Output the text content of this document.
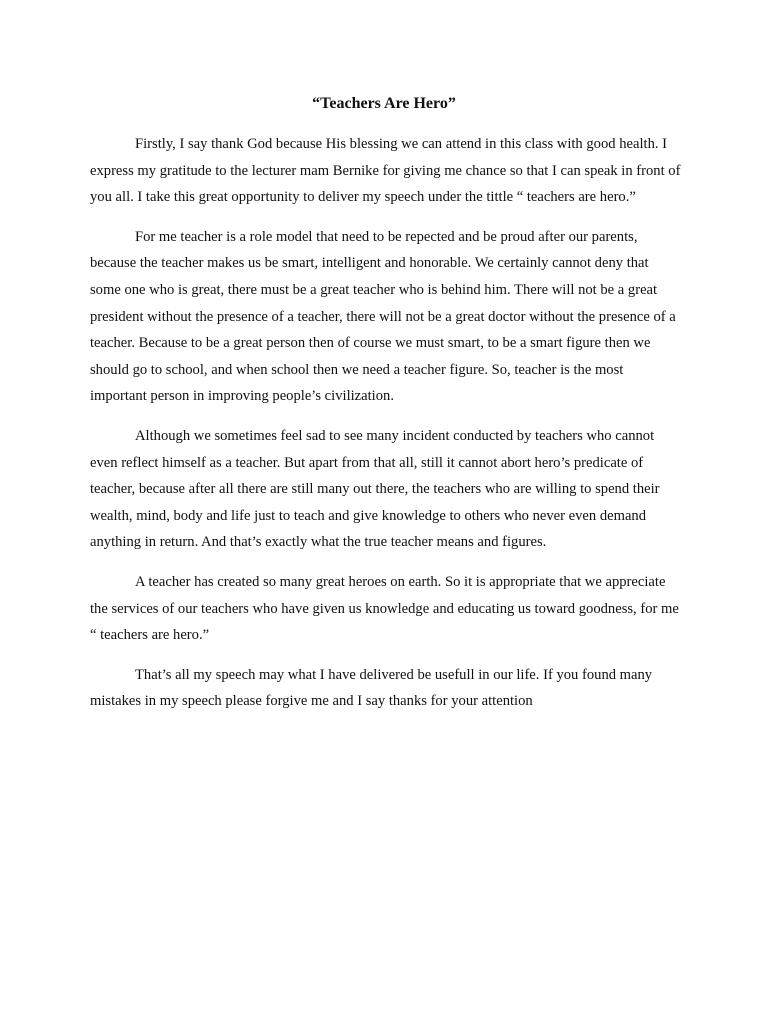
“Teachers Are Hero”

Firstly, I say thank God because His blessing we can attend in this class with good health. I express my gratitude to the lecturer mam Bernike for giving me chance so that I can speak in front of you all. I take this great opportunity to deliver my speech under the tittle “ teachers are hero.”

For me teacher is a role model that need to be repected and be proud after our parents, because the teacher makes us be smart, intelligent and honorable. We certainly cannot deny that some one who is great, there must be a great teacher who is behind him. There will not be a great president without the presence of a teacher, there will not be a great doctor without the presence of a teacher. Because to be a great person then of course we must smart, to be a smart figure then we should go to school, and when school then we need a teacher figure. So, teacher is the most important person in improving people’s civilization.

Although we sometimes feel sad to see many incident conducted by teachers who cannot even reflect himself as a teacher. But apart from that all, still it cannot abort hero’s predicate of teacher, because after all there are still many out there, the teachers who are willing to spend their wealth, mind, body and life just to teach and give knowledge to others who never even demand anything in return. And that’s exactly what the true teacher means and figures.

A teacher has created so many great heroes on earth. So it is appropriate that we appreciate the services of our teachers who have given us knowledge and educating us toward goodness, for me “ teachers are hero.”

That’s all my speech may what I have delivered be usefull in our life. If you found many mistakes in my speech please forgive me and I say thanks for your attention
